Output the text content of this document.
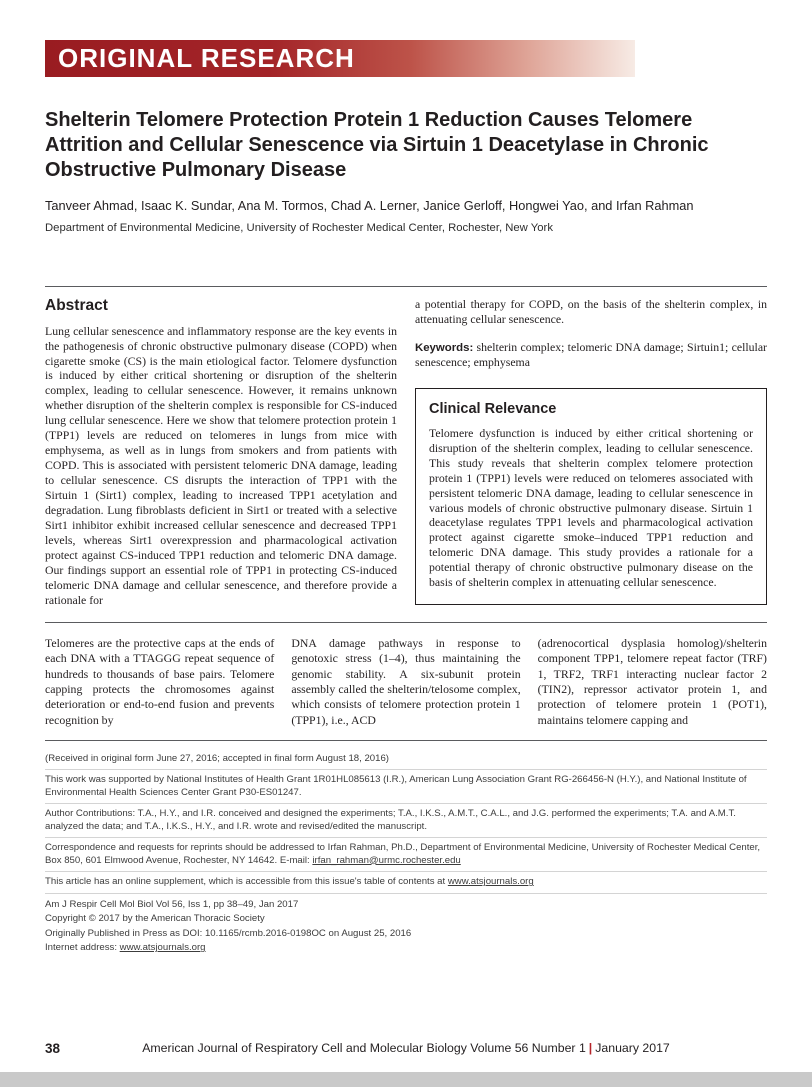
ORIGINAL RESEARCH
Shelterin Telomere Protection Protein 1 Reduction Causes Telomere Attrition and Cellular Senescence via Sirtuin 1 Deacetylase in Chronic Obstructive Pulmonary Disease

Tanveer Ahmad, Isaac K. Sundar, Ana M. Tormos, Chad A. Lerner, Janice Gerloff, Hongwei Yao, and Irfan Rahman

Department of Environmental Medicine, University of Rochester Medical Center, Rochester, New York

Abstract

Lung cellular senescence and inflammatory response are the key events in the pathogenesis of chronic obstructive pulmonary disease (COPD) when cigarette smoke (CS) is the main etiological factor. Telomere dysfunction is induced by either critical shortening or disruption of the shelterin complex, leading to cellular senescence. However, it remains unknown whether disruption of the shelterin complex is responsible for CS-induced lung cellular senescence. Here we show that telomere protection protein 1 (TPP1) levels are reduced on telomeres in lungs from mice with emphysema, as well as in lungs from smokers and from patients with COPD. This is associated with persistent telomeric DNA damage, leading to cellular senescence. CS disrupts the interaction of TPP1 with the Sirtuin 1 (Sirt1) complex, leading to increased TPP1 acetylation and degradation. Lung fibroblasts deficient in Sirt1 or treated with a selective Sirt1 inhibitor exhibit increased cellular senescence and decreased TPP1 levels, whereas Sirt1 overexpression and pharmacological activation protect against CS-induced TPP1 reduction and telomeric DNA damage. Our findings support an essential role of TPP1 in protecting CS-induced telomeric DNA damage and cellular senescence, and therefore provide a rationale for

a potential therapy for COPD, on the basis of the shelterin complex, in attenuating cellular senescence.

Keywords: shelterin complex; telomeric DNA damage; Sirtuin1; cellular senescence; emphysema

Clinical Relevance

Telomere dysfunction is induced by either critical shortening or disruption of the shelterin complex, leading to cellular senescence. This study reveals that shelterin complex telomere protection protein 1 (TPP1) levels were reduced on telomeres associated with persistent telomeric DNA damage, leading to cellular senescence in various models of chronic obstructive pulmonary disease. Sirtuin 1 deacetylase regulates TPP1 levels and pharmacological activation protect against cigarette smoke–induced TPP1 reduction and telomeric DNA damage. This study provides a rationale for a potential therapy of chronic obstructive pulmonary disease on the basis of shelterin complex in attenuating cellular senescence.

Telomeres are the protective caps at the ends of each DNA with a TTAGGG repeat sequence of hundreds to thousands of base pairs. Telomere capping protects the chromosomes against deterioration or end-to-end fusion and prevents recognition by

DNA damage pathways in response to genotoxic stress (1–4), thus maintaining the genomic stability. A six-subunit protein assembly called the shelterin/telosome complex, which consists of telomere protection protein 1 (TPP1), i.e., ACD

(adrenocortical dysplasia homolog)/shelterin component TPP1, telomere repeat factor (TRF) 1, TRF2, TRF1 interacting nuclear factor 2 (TIN2), repressor activator protein 1, and protection of telomere protein 1 (POT1), maintains telomere capping and

(Received in original form June 27, 2016; accepted in final form August 18, 2016)

This work was supported by National Institutes of Health Grant 1R01HL085613 (I.R.), American Lung Association Grant RG-266456-N (H.Y.), and National Institute of Environmental Health Sciences Center Grant P30-ES01247.

Author Contributions: T.A., H.Y., and I.R. conceived and designed the experiments; T.A., I.K.S., A.M.T., C.A.L., and J.G. performed the experiments; T.A. and A.M.T. analyzed the data; and T.A., I.K.S., H.Y., and I.R. wrote and revised/edited the manuscript.

Correspondence and requests for reprints should be addressed to Irfan Rahman, Ph.D., Department of Environmental Medicine, University of Rochester Medical Center, Box 850, 601 Elmwood Avenue, Rochester, NY 14642. E-mail: irfan_rahman@urmc.rochester.edu

This article has an online supplement, which is accessible from this issue's table of contents at www.atsjournals.org

Am J Respir Cell Mol Biol Vol 56, Iss 1, pp 38–49, Jan 2017

Copyright © 2017 by the American Thoracic Society

Originally Published in Press as DOI: 10.1165/rcmb.2016-0198OC on August 25, 2016

Internet address: www.atsjournals.org

38	American Journal of Respiratory Cell and Molecular Biology Volume 56 Number 1 | January 2017
